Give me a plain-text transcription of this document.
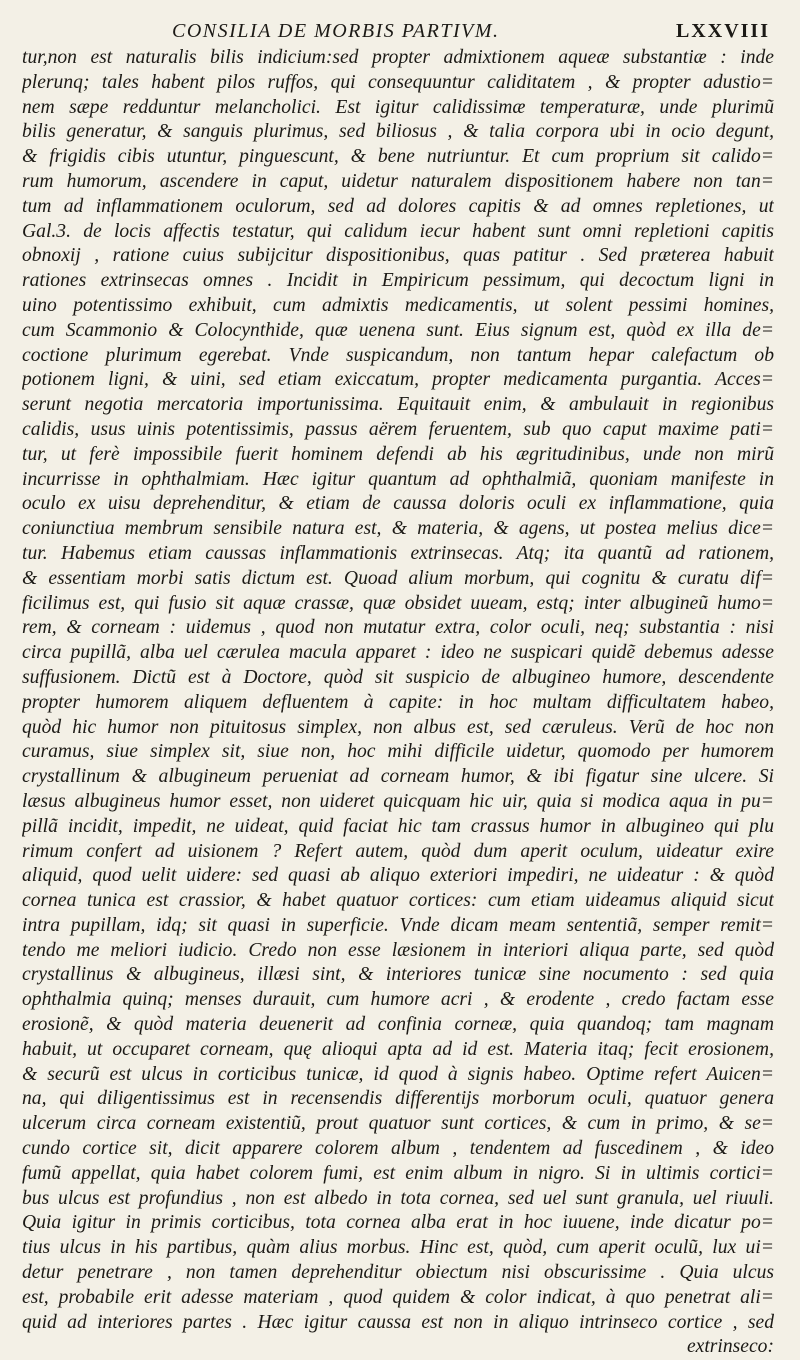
CONSILIA DE MORBIS PARTIVM.	LXXVIII
tur,non est naturalis bilis indicium:sed propter admixtionem aqueæ substantiæ : inde
plerunq; tales habent pilos ruffos, qui consequuntur caliditatem , & propter adustio=
nem sæpe redduntur melancholici. Est igitur calidissimæ temperaturæ, unde plurimũ
bilis generatur, & sanguis plurimus, sed biliosus , & talia corpora ubi in ocio degunt,
& frigidis cibis utuntur, pinguescunt, & bene nutriuntur. Et cum proprium sit calido=
rum humorum, ascendere in caput, uidetur naturalem dispositionem habere non tan=
tum ad inflammationem oculorum, sed ad dolores capitis & ad omnes repletiones, ut
Gal.3. de locis affectis testatur, qui calidum iecur habent sunt omni repletioni capitis
obnoxij , ratione cuius subijcitur dispositionibus, quas patitur . Sed præterea habuit
rationes extrinsecas omnes . Incidit in Empiricum pessimum, qui decoctum ligni in
uino potentissimo exhibuit, cum admixtis medicamentis, ut solent pessimi homines,
cum Scammonio & Colocynthide, quæ uenena sunt. Eius signum est, quòd ex illa de=
coctione plurimum egerebat. Vnde suspicandum, non tantum hepar calefactum ob
potionem ligni, & uini, sed etiam exiccatum, propter medicamenta purgantia. Acces=
serunt negotia mercatoria importunissima. Equitauit enim, & ambulauit in regionibus
calidis, usus uinis potentissimis, passus aërem feruentem, sub quo caput maxime pati=
tur, ut ferè impossibile fuerit hominem defendi ab his ægritudinibus, unde non mirũ
incurrisse in ophthalmiam. Hæc igitur quantum ad ophthalmiã, quoniam manifeste in
oculo ex uisu deprehenditur, & etiam de caussa doloris oculi ex inflammatione, quia
coniunctiua membrum sensibile natura est, & materia, & agens, ut postea melius dice=
tur. Habemus etiam caussas inflammationis extrinsecas. Atq; ita quantũ ad rationem,
& essentiam morbi satis dictum est. Quoad alium morbum, qui cognitu & curatu dif=
ficilimus est, qui fusio sit aquæ crassæ, quæ obsidet uueam, estq; inter albugineũ humo=
rem, & corneam : uidemus , quod non mutatur extra, color oculi, neq; substantia : nisi
circa pupillã, alba uel cærulea macula apparet : ideo ne suspicari quidẽ debemus adesse
suffusionem. Dictũ est à Doctore, quòd sit suspicio de albugineo humore, descendente
propter humorem aliquem defluentem à capite: in hoc multam difficultatem habeo,
quòd hic humor non pituitosus simplex, non albus est, sed cæruleus. Verũ de hoc non
curamus, siue simplex sit, siue non, hoc mihi difficile uidetur, quomodo per humorem
crystallinum & albugineum perueniat ad corneam humor, & ibi figatur sine ulcere. Si
læsus albugineus humor esset, non uideret quicquam hic uir, quia si modica aqua in pu=
pillã incidit, impedit, ne uideat, quid faciat hic tam crassus humor in albugineo qui plu
rimum confert ad uisionem ? Refert autem, quòd dum aperit oculum, uideatur exire
aliquid, quod uelit uidere: sed quasi ab aliquo exteriori impediri, ne uideatur : & quòd
cornea tunica est crassior, & habet quatuor cortices: cum etiam uideamus aliquid sicut
intra pupillam, idq; sit quasi in superficie. Vnde dicam meam sententiã, semper remit=
tendo me meliori iudicio. Credo non esse læsionem in interiori aliqua parte, sed quòd
crystallinus & albugineus, illæsi sint, & interiores tunicæ sine nocumento : sed quia
ophthalmia quinq; menses durauit, cum humore acri , & erodente , credo factam esse
erosionẽ, & quòd materia deuenerit ad confinia corneæ, quia quandoq; tam magnam
habuit, ut occuparet corneam, quę alioqui apta ad id est. Materia itaq; fecit erosionem,
& securũ est ulcus in corticibus tunicæ, id quod à signis habeo. Optime refert Auicen=
na, qui diligentissimus est in recensendis differentijs morborum oculi, quatuor genera
ulcerum circa corneam existentiũ, prout quatuor sunt cortices, & cum in primo, & se=
cundo cortice sit, dicit apparere colorem album , tendentem ad fuscedinem , & ideo
fumũ appellat, quia habet colorem fumi, est enim album in nigro. Si in ultimis cortici=
bus ulcus est profundius , non est albedo in tota cornea, sed uel sunt granula, uel riuuli.
Quia igitur in primis corticibus, tota cornea alba erat in hoc iuuene, inde dicatur po=
tius ulcus in his partibus, quàm alius morbus. Hinc est, quòd, cum aperit oculũ, lux ui=
detur penetrare , non tamen deprehenditur obiectum nisi obscurissime . Quia ulcus
est, probabile erit adesse materiam , quod quidem & color indicat, à quo penetrat ali=
quid ad interiores partes . Hæc igitur caussa est non in aliquo intrinseco cortice , sed
extrinseco:
